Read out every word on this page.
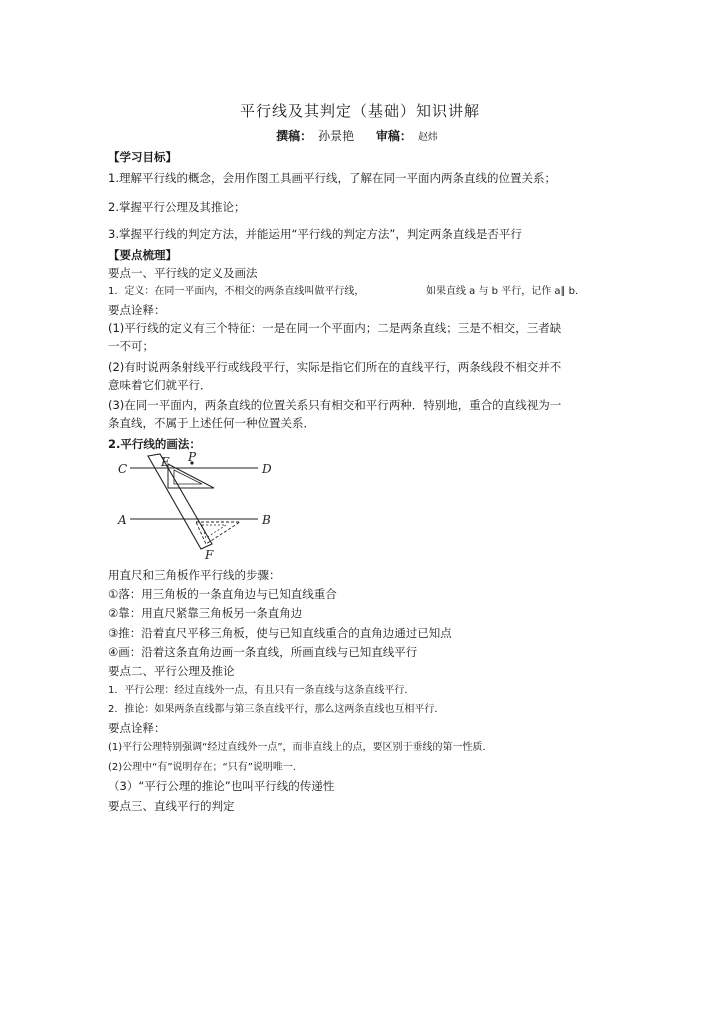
平行线及其判定（基础）知识讲解
撰稿： 孙景艳 审稿： 赵炜
【学习目标】
1.理解平行线的概念，会用作图工具画平行线，了解在同一平面内两条直线的位置关系；
2.掌握平行公理及其推论；
3.掌握平行线的判定方法，并能运用“平行线的判定方法”，判定两条直线是否平行
【要点梳理】
要点一、平行线的定义及画法
1．定义：在同一平面内，不相交的两条直线叫做平行线，	如果直线 a 与 b 平行，记作 a∥ b．
要点诠释：
(1)平行线的定义有三个特征：一是在同一个平面内；二是两条直线；三是不相交，三者缺
一不可；
(2)有时说两条射线平行或线段平行，实际是指它们所在的直线平行，两条线段不相交并不
意味着它们就平行．
(3)在同一平面内，两条直线的位置关系只有相交和平行两种．特别地，重合的直线视为一
条直线，不属于上述任何一种位置关系．
2.平行线的画法：
C	E P
D
A	B
F
用直尺和三角板作平行线的步骤：
①落：用三角板的一条直角边与已知直线重合
②靠：用直尺紧靠三角板另一条直角边
③推：沿着直尺平移三角板，使与已知直线重合的直角边通过已知点
④画：沿着这条直角边画一条直线，所画直线与已知直线平行
要点二、平行公理及推论
1．平行公理：经过直线外一点，有且只有一条直线与这条直线平行．
2．推论：如果两条直线都与第三条直线平行，那么这两条直线也互相平行．
要点诠释：
(1)平行公理特别强调“经过直线外一点”，而非直线上的点，要区别于垂线的第一性质．
(2)公理中“有”说明存在；“只有”说明唯一．
（3）“平行公理的推论”也叫平行线的传递性
要点三、直线平行的判定
